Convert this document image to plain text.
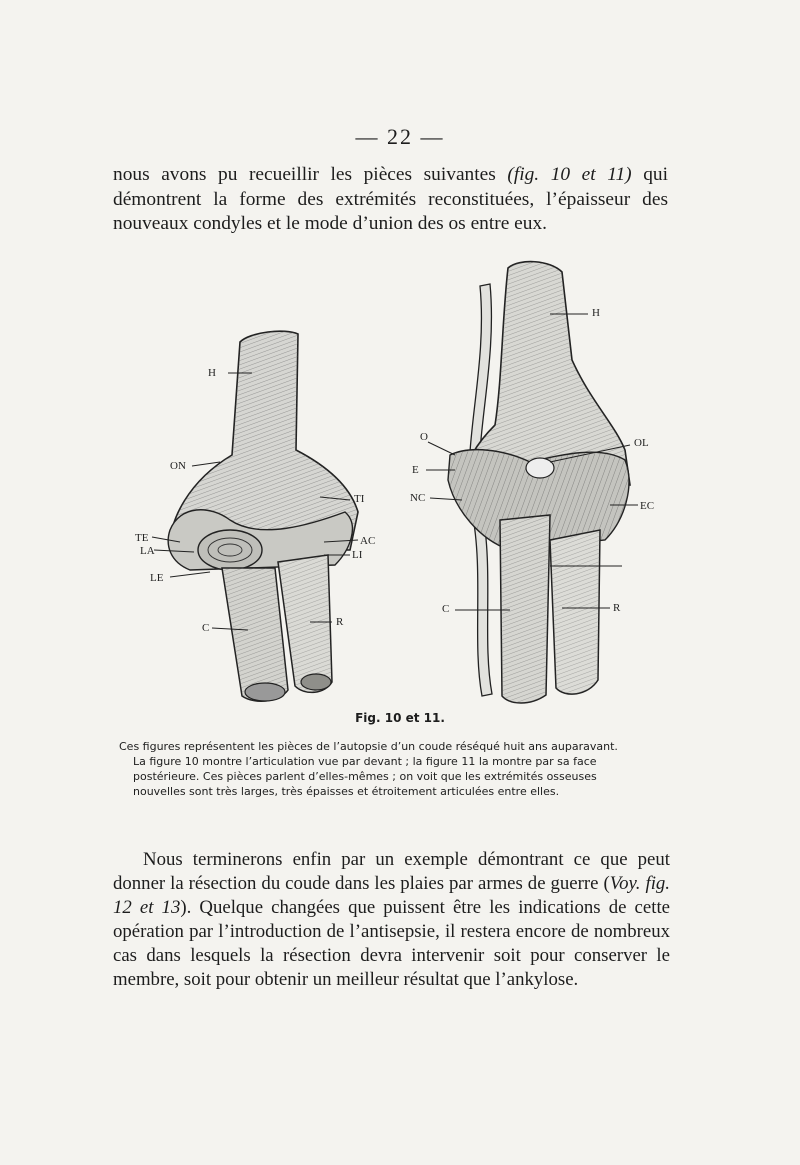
— 22 —
nous avons pu recueillir les pièces suivantes (fig. 10 et 11) qui démontrent la forme des extrémités reconstituées, l’épaisseur des nouveaux condyles et le mode d’union des os entre eux.
H
ON
TI
TE
LA
AC
LI
LE
C	R
H
O	OL
E
NC
EC
C	R
Fig. 10 et 11.
Ces figures représentent les pièces de l’autopsie d’un coude réséqué huit ans auparavant.
La figure 10 montre l’articulation vue par devant ; la figure 11 la montre par sa face
postérieure. Ces pièces parlent d’elles-mêmes ; on voit que les extrémités osseuses
nouvelles sont très larges, très épaisses et étroitement articulées entre elles.
Nous terminerons enfin par un exemple démontrant ce que peut donner la résection du coude dans les plaies par armes de guerre (Voy. fig. 12 et 13). Quelque changées que puissent être les indications de cette opération par l’introduction de l’antisepsie, il restera encore de nombreux cas dans lesquels la résection devra intervenir soit pour conserver le membre, soit pour obtenir un meilleur résultat que l’ankylose.
